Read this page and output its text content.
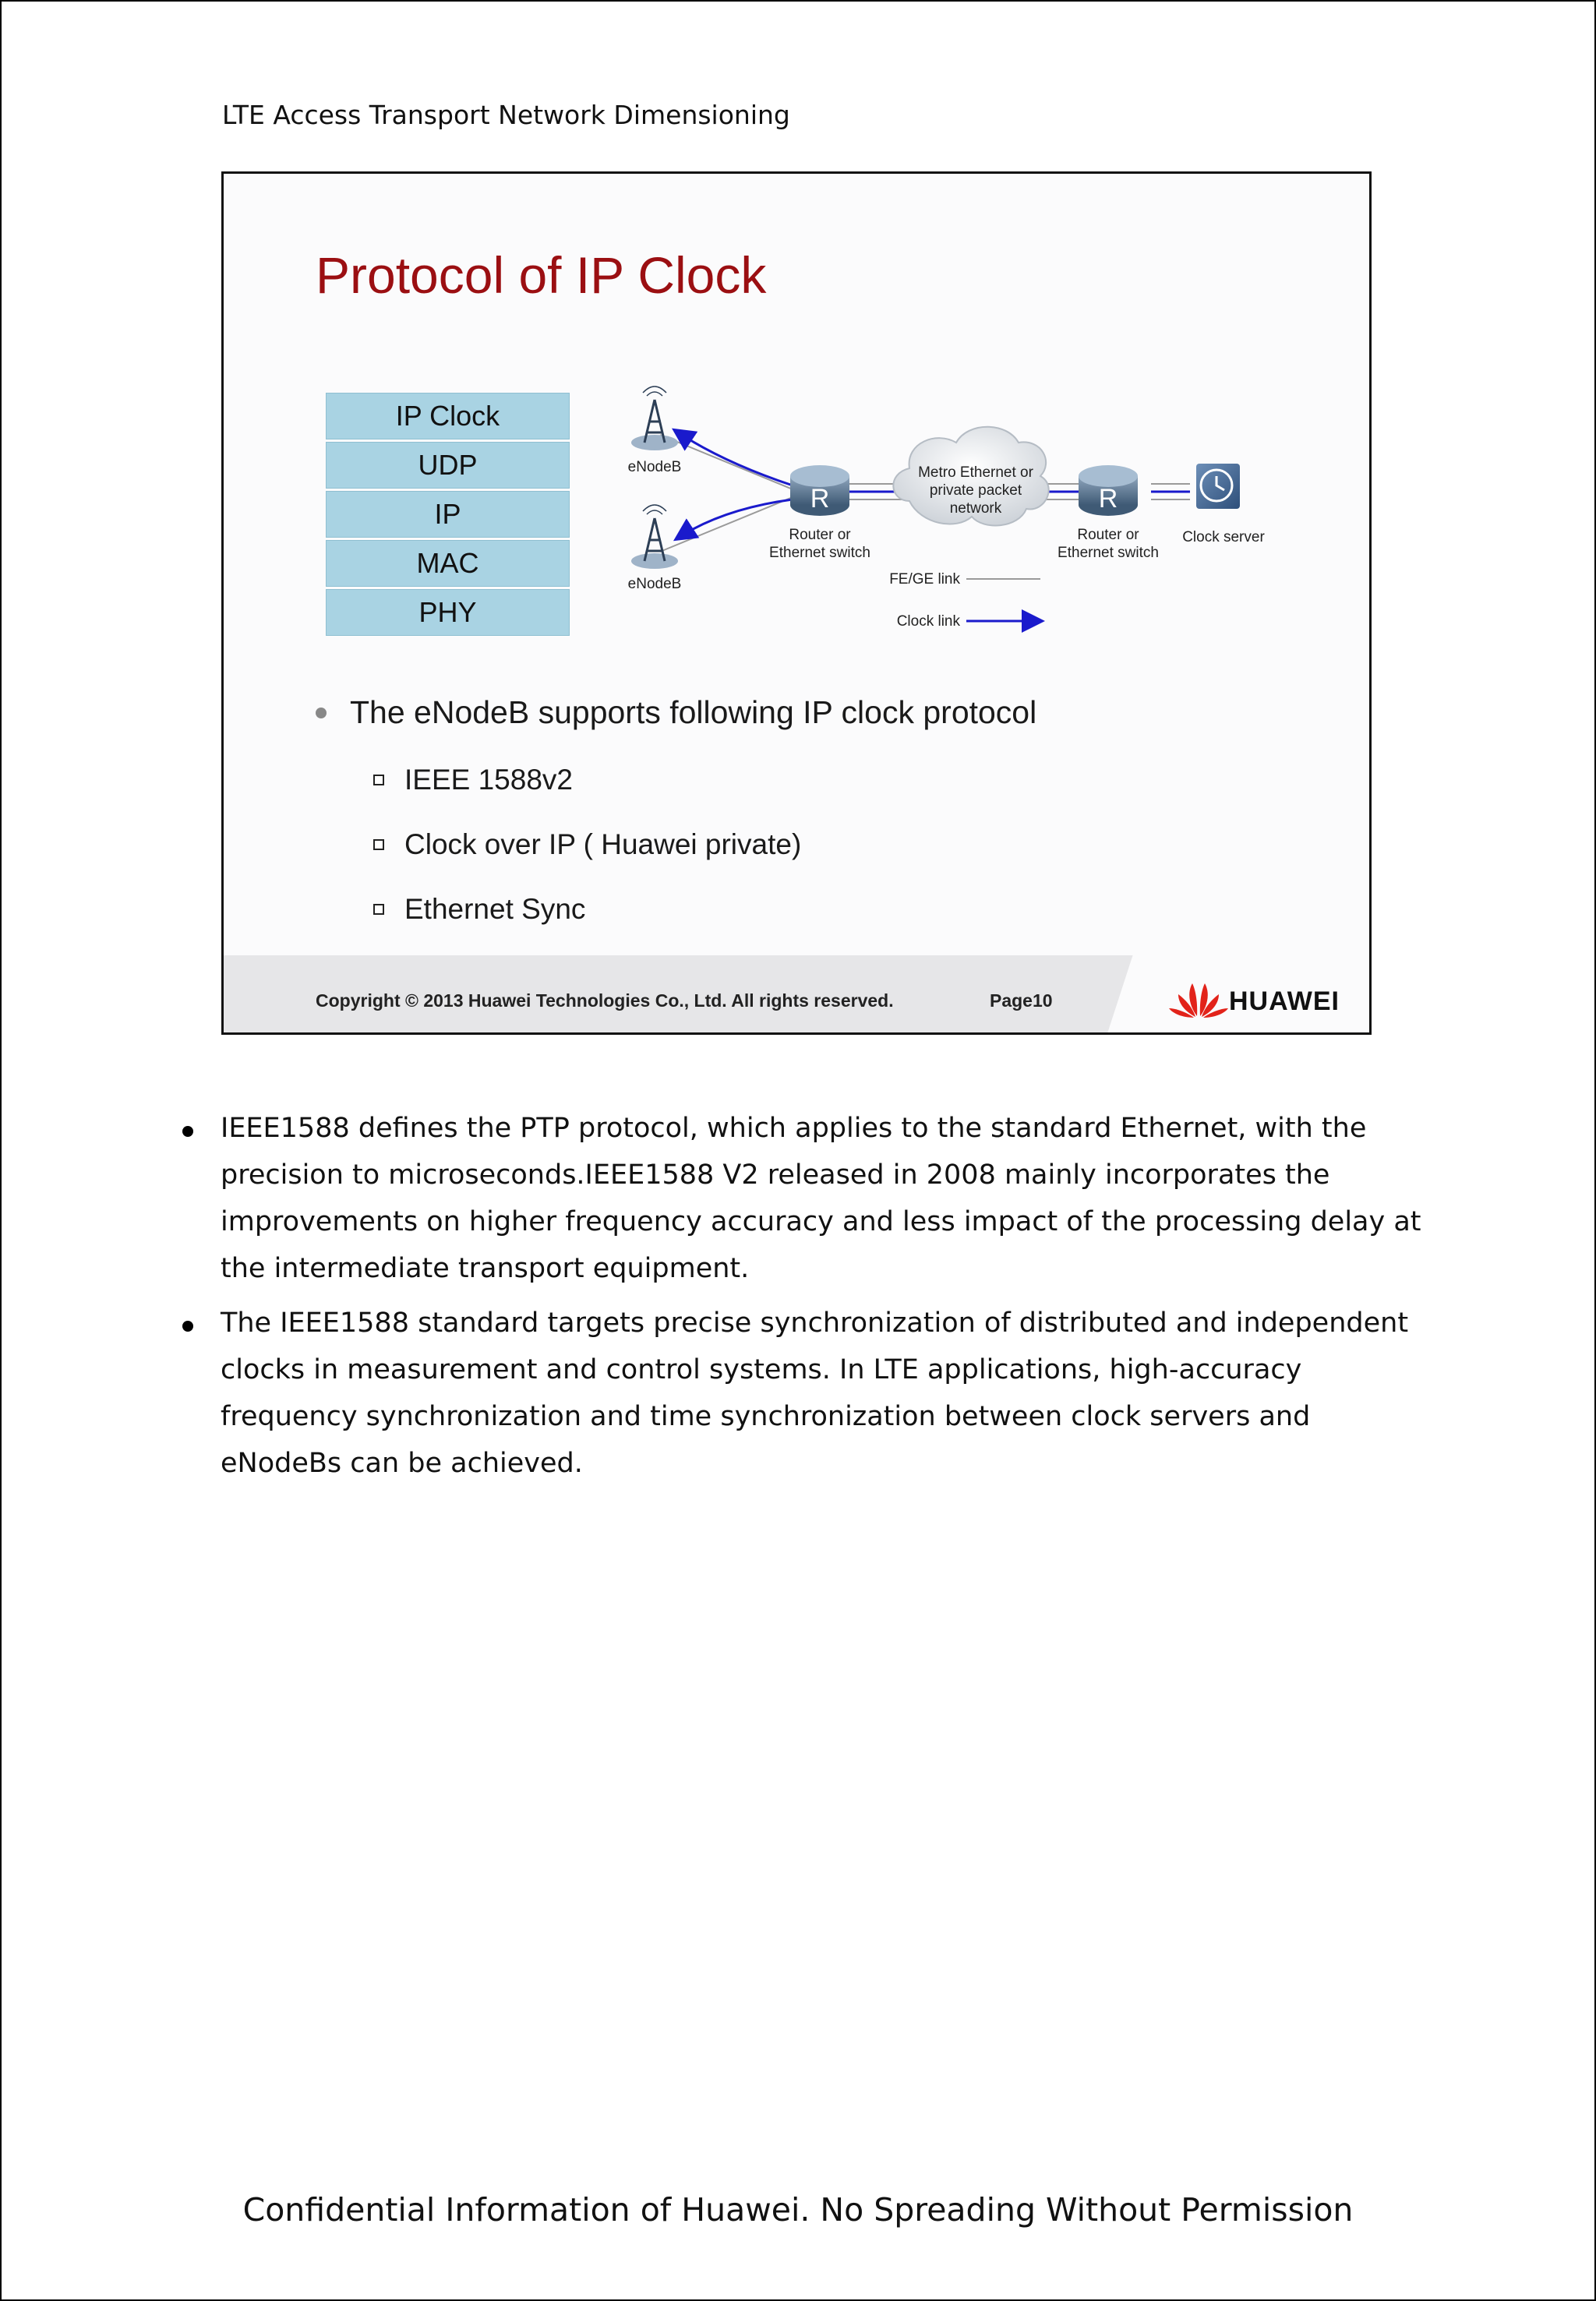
LTE Access Transport Network Dimensioning
Protocol of IP Clock
IP Clock
UDP
IP
MAC
PHY
R	R
eNodeB
eNodeB
Router or
Ethernet switch
Router or
Ethernet switch
Metro Ethernet or
private packet
network
Clock server
FE/GE link
Clock link
The eNodeB supports following IP clock protocol
IEEE 1588v2
Clock over IP ( Huawei private)
Ethernet Sync
Copyright © 2013 Huawei Technologies Co., Ltd. All rights reserved.	Page10	HUAWEI
IEEE1588 defines the PTP protocol, which applies to the standard Ethernet, with the precision to microseconds.IEEE1588 V2 released in 2008 mainly incorporates the improvements on higher frequency accuracy and less impact of the processing delay at the intermediate transport equipment.
The IEEE1588 standard targets precise synchronization of distributed and independent clocks in measurement and control systems. In LTE applications, high-accuracy frequency synchronization and time synchronization between clock servers and eNodeBs can be achieved.
Confidential Information of Huawei. No Spreading Without Permission
